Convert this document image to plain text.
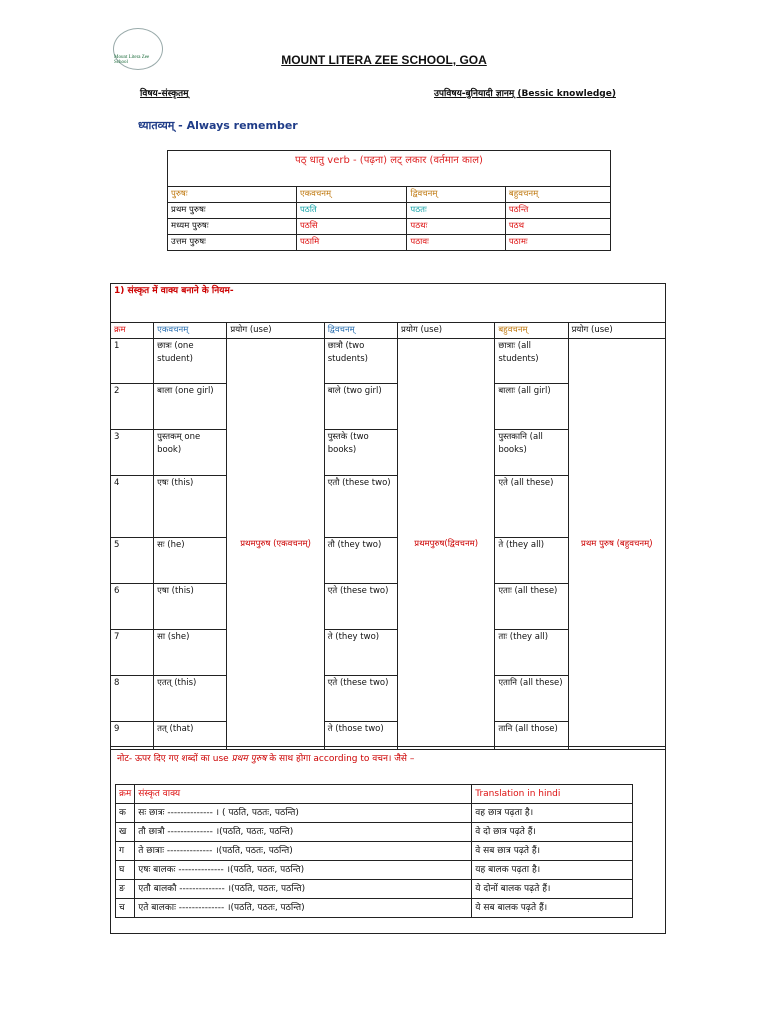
Mount Litera Zee School	MOUNT LITERA ZEE SCHOOL, GOA
विषय-संस्कृतम्	उपविषय-बुनियादी ज्ञानम् (Bessic knowledge)
ध्यातव्यम् - Always remember
पठ् धातु verb - (पढ़ना) लट् लकार (वर्तमान काल)			
पुरुषः	एकवचनम्	द्विवचनम्	बहुवचनम्
प्रथम पुरुषः	पठति	पठतः	पठन्ति
मध्यम पुरुषः	पठसि	पठथः	पठथ
उत्तम पुरुषः	पठामि	पठावः	पठामः
1) संस्कृत में वाक्य बनाने के नियम-						
क्रम	एकवचनम्	प्रयोग (use)	द्विवचनम्	प्रयोग (use)	बहुवचनम्	प्रयोग (use)
1	छात्रः (one student)	प्रथमपुरुष (एकवचनम्)	छात्रौ (two students)	प्रथमपुरुष(द्विवचनम)	छात्राः (all students)	प्रथम पुरुष (बहुवचनम्)
2	बाला (one girl)		बाले (two girl)		बालाः (all girl)	
3	पुस्तकम् one book)		पुस्तके (two books)		पुस्तकानि (all books)	
4	एषः (this)		एतौ (these two)		एते (all these)	
5	सः (he)		तौ (they two)		ते (they all)	
6	एषा (this)		एते (these two)		एताः (all these)	
7	सा (she)		ते (they two)		ताः (they all)	
8	एतत् (this)		एते (these two)		एतानि (all these)	
9	तत् (that)		ते (those two)		तानि (all those)	
नोट- ऊपर दिए गए शब्दों का use प्रथम पुरुष के साथ होगा according to वचन। जैसे –
क्रम	संस्कृत वाक्य	Translation in hindi
क	सः छात्रः -------------- । ( पठति, पठतः, पठन्ति)	वह छात्र पढ़ता है।
ख	तौ छात्रौ -------------- ।(पठति, पठतः, पठन्ति)	वे दो छात्र पढ़ते हैं।
ग	ते छात्राः -------------- ।(पठति, पठतः, पठन्ति)	वे सब छात्र पढ़ते हैं।
घ	एषः बालकः -------------- ।(पठति, पठतः, पठन्ति)	यह बालक पढ़ता है।
ङ	एतौ बालकौ -------------- ।(पठति, पठतः, पठन्ति)	ये दोनों बालक पढ़ते हैं।
च	एते बालकाः -------------- ।(पठति, पठतः, पठन्ति)	ये सब बालक पढ़ते हैं।
